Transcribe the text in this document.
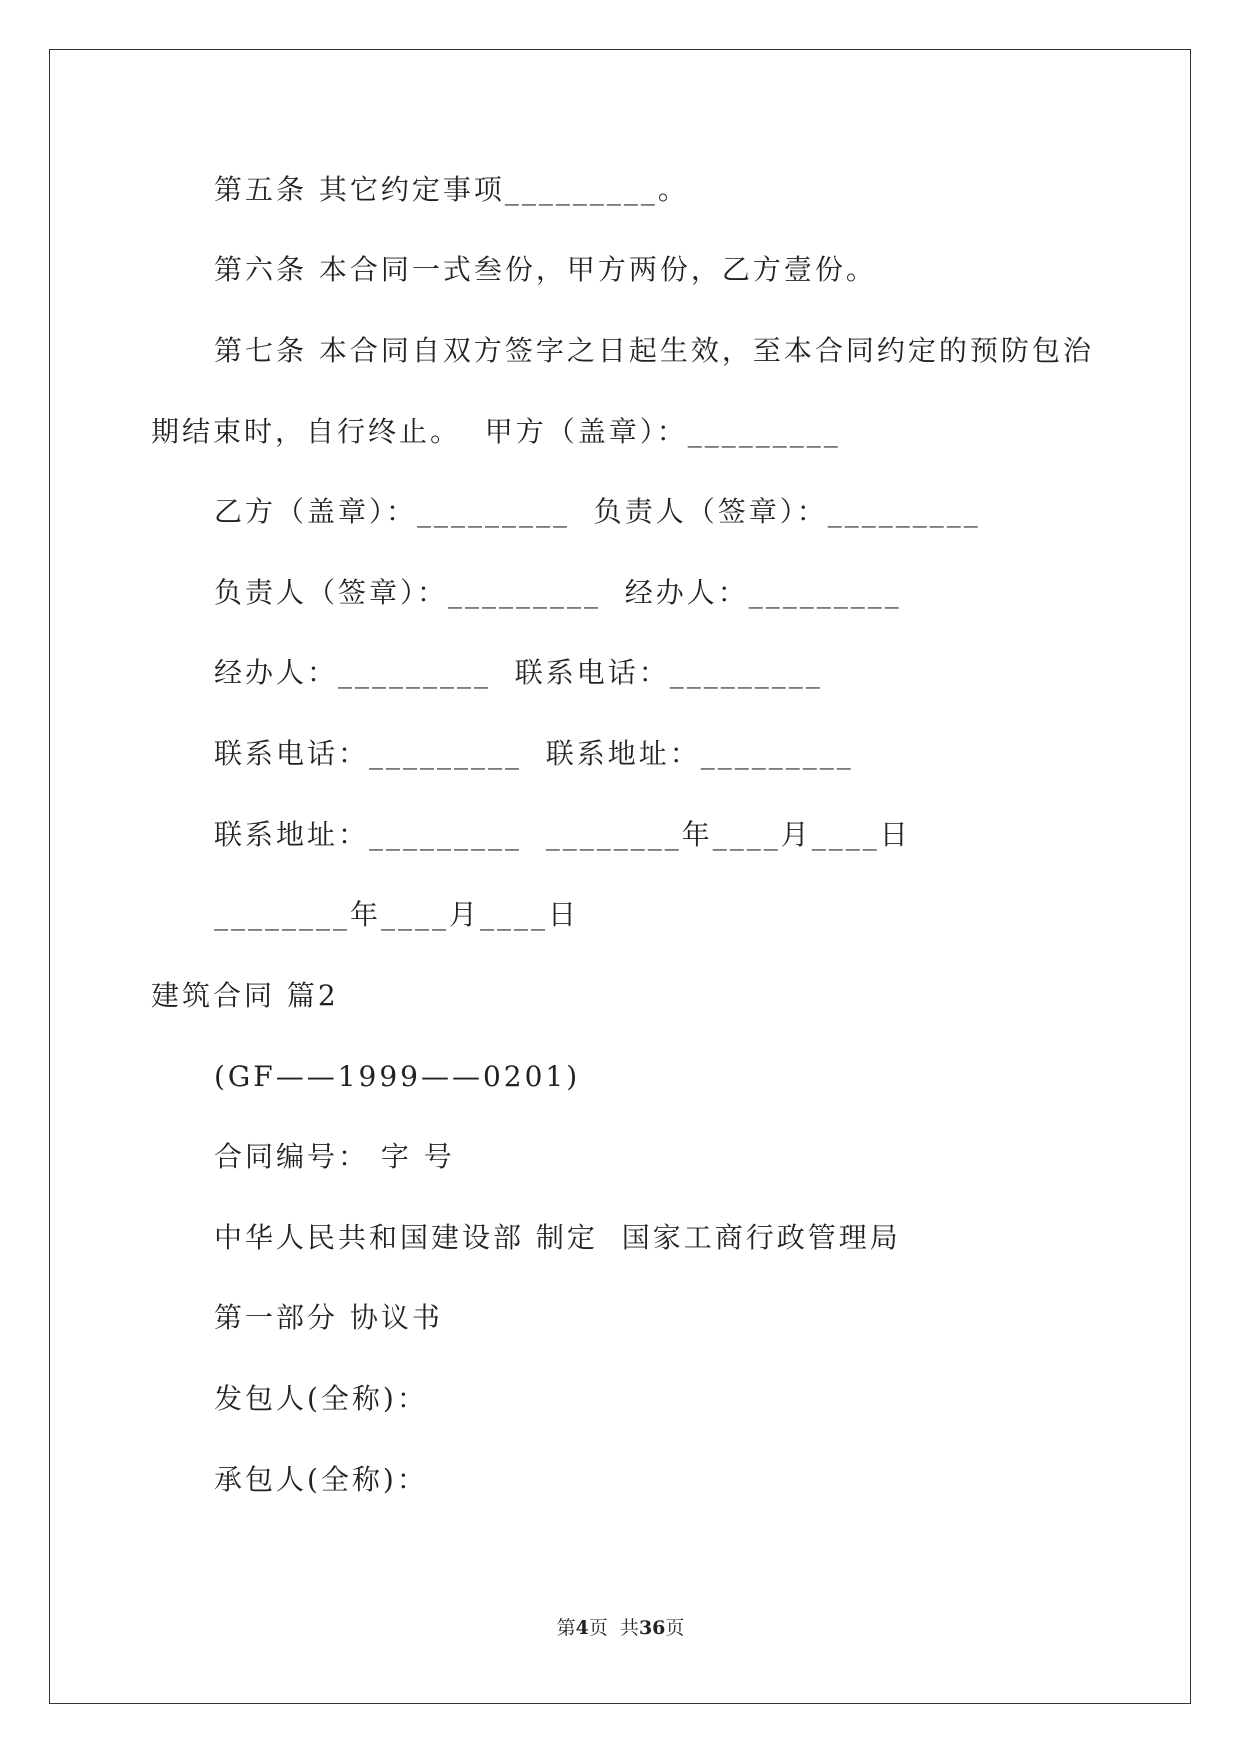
第五条 其它约定事项_________。
第六条 本合同一式叁份，甲方两份，乙方壹份。
第七条 本合同自双方签字之日起生效，至本合同约定的预防包治
期结束时，自行终止。  甲方（盖章）：_________
乙方（盖章）：_________  负责人（签章）：_________
负责人（签章）：_________  经办人：_________
经办人：_________  联系电话：_________
联系电话：_________  联系地址：_________
联系地址：_________  ________年____月____日
________年____月____日
建筑合同 篇2
(GF——1999——0201)
合同编号： 字 号
中华人民共和国建设部 制定  国家工商行政管理局
第一部分 协议书
发包人(全称)：
承包人(全称)：
第4页  共36页
